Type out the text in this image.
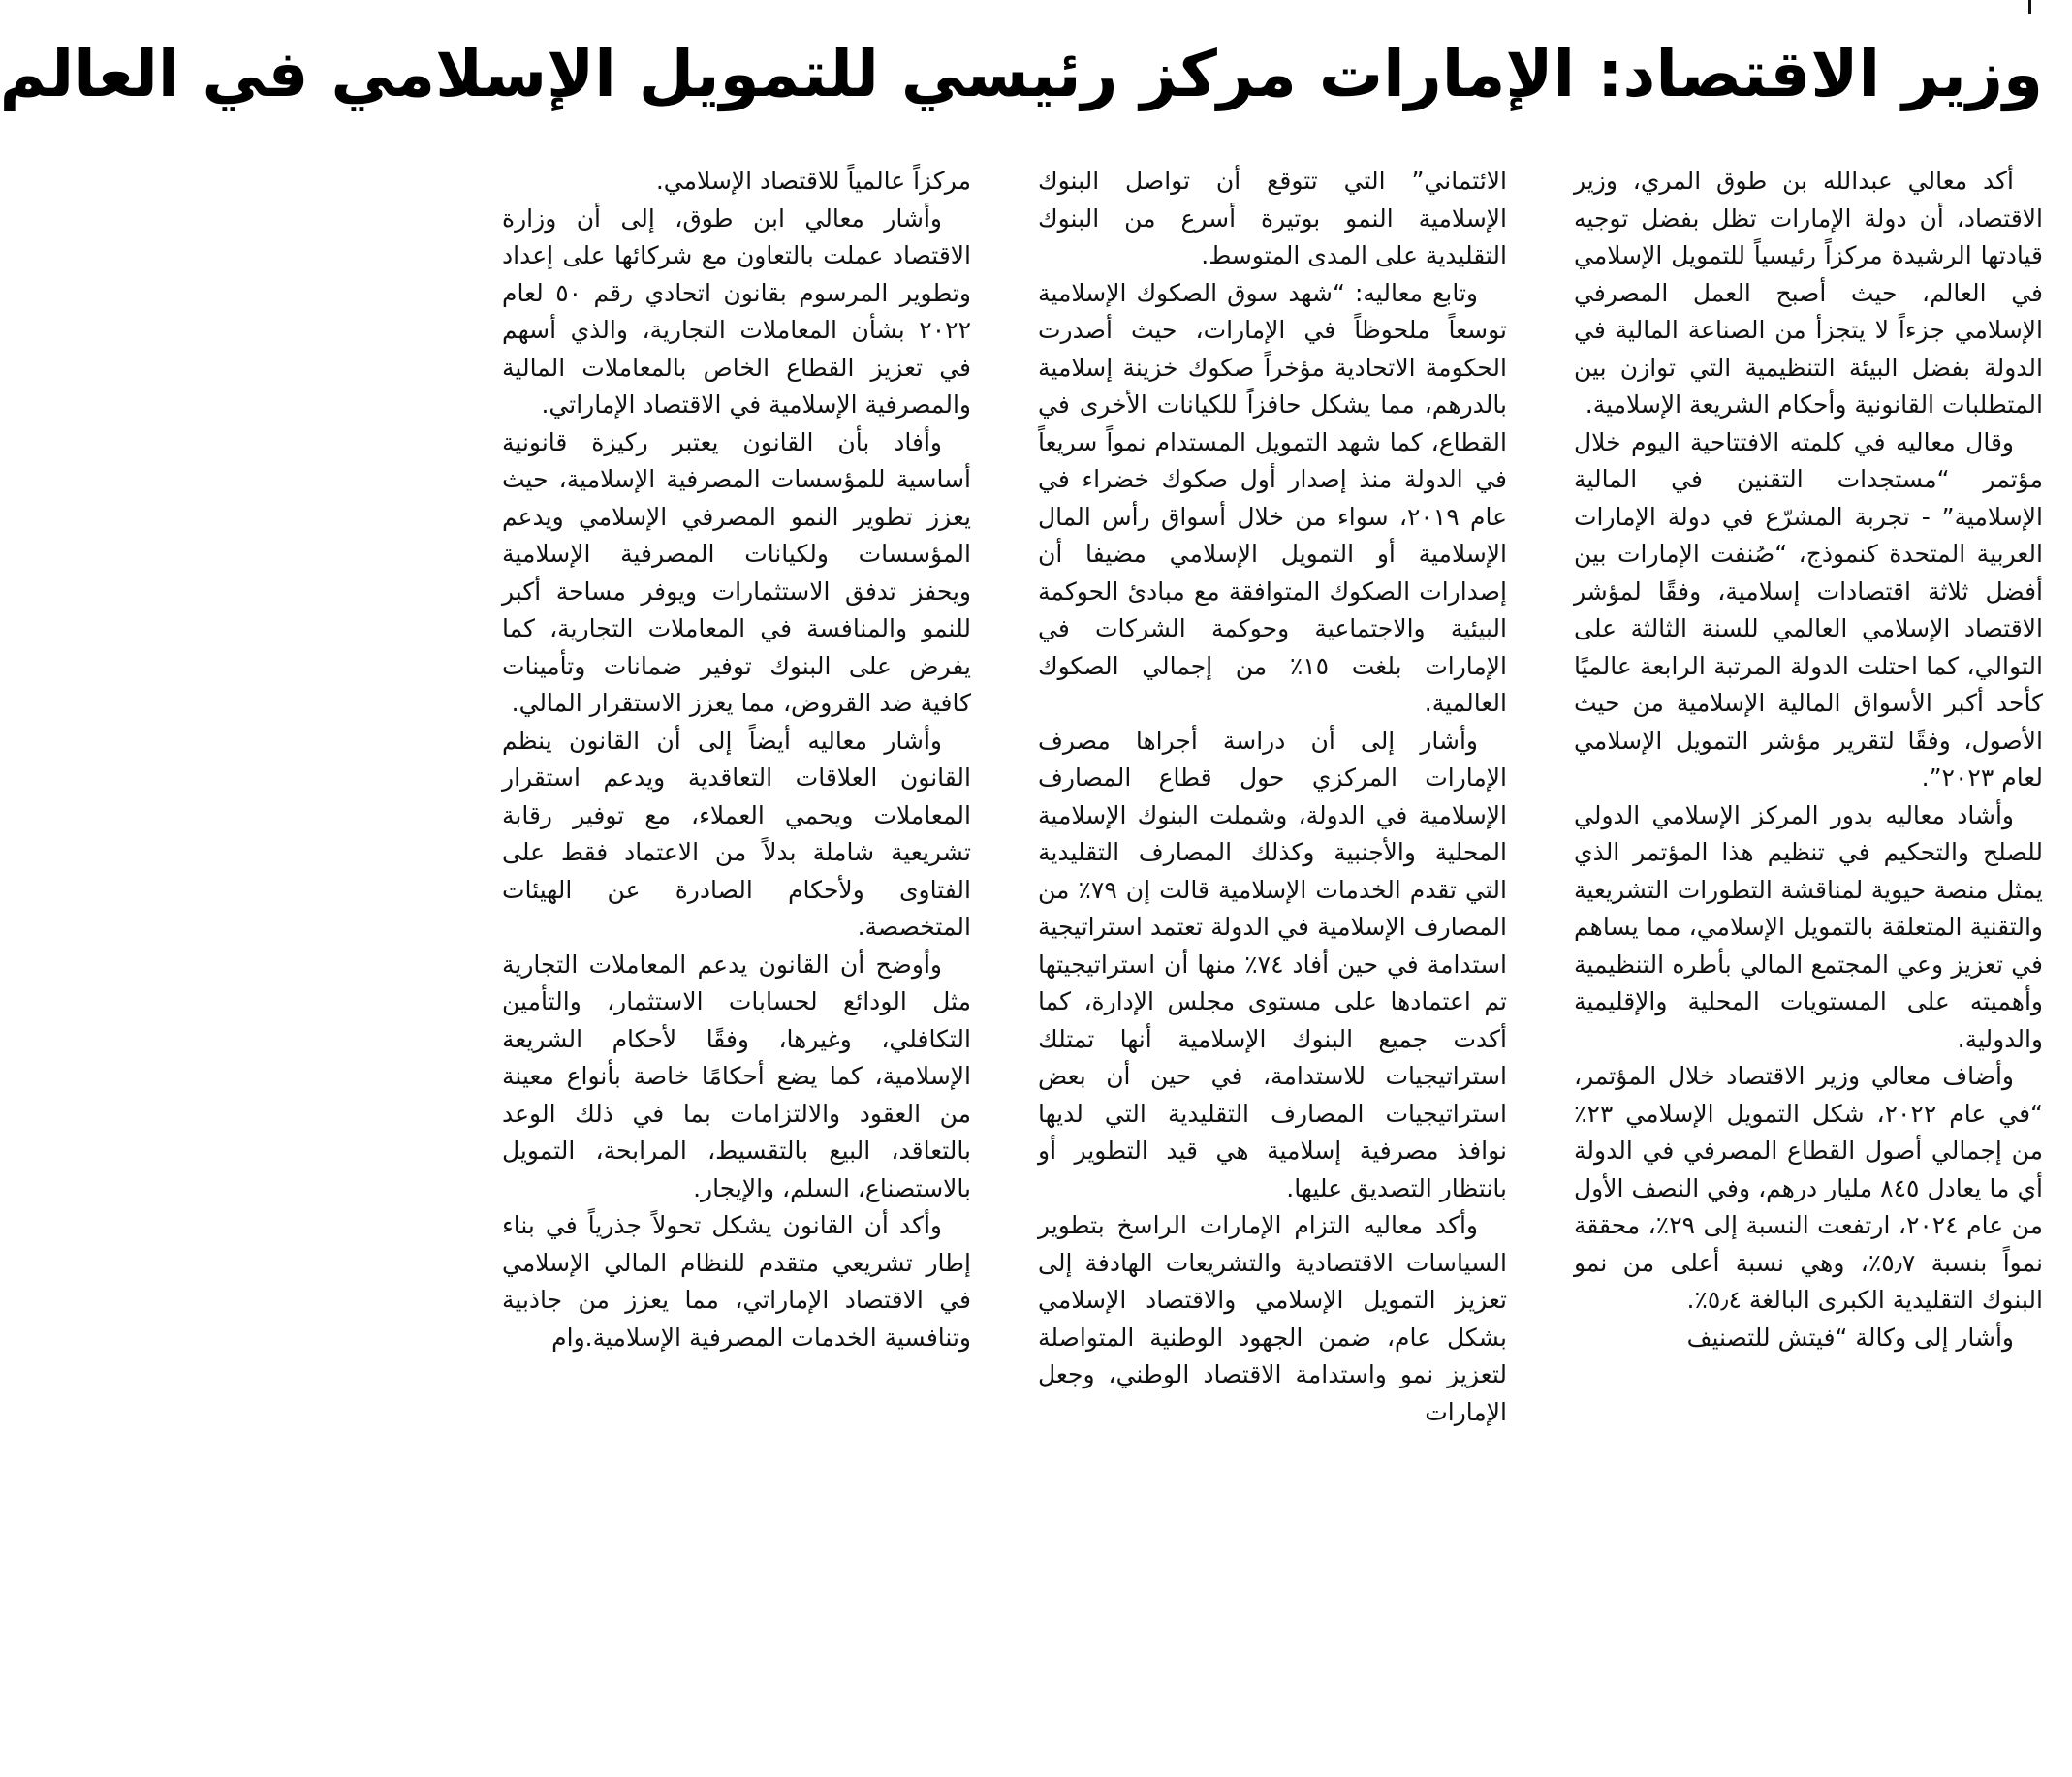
وزير الاقتصاد: الإمارات مركز رئيسي للتمويل الإسلامي في العالم

أكد معالي عبدالله بن طوق المري، وزير الاقتصاد، أن دولة الإمارات تظل بفضل توجيه قيادتها الرشيدة مركزاً رئيسياً للتمويل الإسلامي في العالم، حيث أصبح العمل المصرفي الإسلامي جزءاً لا يتجزأ من الصناعة المالية في الدولة بفضل البيئة التنظيمية التي توازن بين المتطلبات القانونية وأحكام الشريعة الإسلامية.

وقال معاليه في كلمته الافتتاحية اليوم خلال مؤتمر “مستجدات التقنين في المالية الإسلامية” - تجربة المشرّع في دولة الإمارات العربية المتحدة كنموذج، “صُنفت الإمارات بين أفضل ثلاثة اقتصادات إسلامية، وفقًا لمؤشر الاقتصاد الإسلامي العالمي للسنة الثالثة على التوالي، كما احتلت الدولة المرتبة الرابعة عالميًا كأحد أكبر الأسواق المالية الإسلامية من حيث الأصول، وفقًا لتقرير مؤشر التمويل الإسلامي لعام ٢٠٢٣”.

وأشاد معاليه بدور المركز الإسلامي الدولي للصلح والتحكيم في تنظيم هذا المؤتمر الذي يمثل منصة حيوية لمناقشة التطورات التشريعية والتقنية المتعلقة بالتمويل الإسلامي، مما يساهم في تعزيز وعي المجتمع المالي بأطره التنظيمية وأهميته على المستويات المحلية والإقليمية والدولية.

وأضاف معالي وزير الاقتصاد خلال المؤتمر، “في عام ٢٠٢٢، شكل التمويل الإسلامي ٢٣٪ من إجمالي أصول القطاع المصرفي في الدولة أي ما يعادل ٨٤٥ مليار درهم، وفي النصف الأول من عام ٢٠٢٤، ارتفعت النسبة إلى ٢٩٪، محققة نمواً بنسبة ٥٫٧٪، وهي نسبة أعلى من نمو البنوك التقليدية الكبرى البالغة ٥٫٤٪.

وأشار إلى وكالة “فيتش للتصنيف

الائتماني” التي تتوقع أن تواصل البنوك الإسلامية النمو بوتيرة أسرع من البنوك التقليدية على المدى المتوسط.

وتابع معاليه: “شهد سوق الصكوك الإسلامية توسعاً ملحوظاً في الإمارات، حيث أصدرت الحكومة الاتحادية مؤخراً صكوك خزينة إسلامية بالدرهم، مما يشكل حافزاً للكيانات الأخرى في القطاع، كما شهد التمويل المستدام نمواً سريعاً في الدولة منذ إصدار أول صكوك خضراء في عام ٢٠١٩، سواء من خلال أسواق رأس المال الإسلامية أو التمويل الإسلامي مضيفا أن إصدارات الصكوك المتوافقة مع مبادئ الحوكمة البيئية والاجتماعية وحوكمة الشركات في الإمارات بلغت ١٥٪ من إجمالي الصكوك العالمية.

وأشار إلى أن دراسة أجراها مصرف الإمارات المركزي حول قطاع المصارف الإسلامية في الدولة، وشملت البنوك الإسلامية المحلية والأجنبية وكذلك المصارف التقليدية التي تقدم الخدمات الإسلامية قالت إن ٧٩٪ من المصارف الإسلامية في الدولة تعتمد استراتيجية استدامة في حين أفاد ٧٤٪ منها أن استراتيجيتها تم اعتمادها على مستوى مجلس الإدارة، كما أكدت جميع البنوك الإسلامية أنها تمتلك استراتيجيات للاستدامة، في حين أن بعض استراتيجيات المصارف التقليدية التي لديها نوافذ مصرفية إسلامية هي قيد التطوير أو بانتظار التصديق عليها.

وأكد معاليه التزام الإمارات الراسخ بتطوير السياسات الاقتصادية والتشريعات الهادفة إلى تعزيز التمويل الإسلامي والاقتصاد الإسلامي بشكل عام، ضمن الجهود الوطنية المتواصلة لتعزيز نمو واستدامة الاقتصاد الوطني، وجعل الإمارات

مركزاً عالمياً للاقتصاد الإسلامي.

وأشار معالي ابن طوق، إلى أن وزارة الاقتصاد عملت بالتعاون مع شركائها على إعداد وتطوير المرسوم بقانون اتحادي رقم ٥٠ لعام ٢٠٢٢ بشأن المعاملات التجارية، والذي أسهم في تعزيز القطاع الخاص بالمعاملات المالية والمصرفية الإسلامية في الاقتصاد الإماراتي.

وأفاد بأن القانون يعتبر ركيزة قانونية أساسية للمؤسسات المصرفية الإسلامية، حيث يعزز تطوير النمو المصرفي الإسلامي ويدعم المؤسسات ولكيانات المصرفية الإسلامية ويحفز تدفق الاستثمارات ويوفر مساحة أكبر للنمو والمنافسة في المعاملات التجارية، كما يفرض على البنوك توفير ضمانات وتأمينات كافية ضد القروض، مما يعزز الاستقرار المالي.

وأشار معاليه أيضاً إلى أن القانون ينظم القانون العلاقات التعاقدية ويدعم استقرار المعاملات ويحمي العملاء، مع توفير رقابة تشريعية شاملة بدلاً من الاعتماد فقط على الفتاوى ولأحكام الصادرة عن الهيئات المتخصصة.

وأوضح أن القانون يدعم المعاملات التجارية مثل الودائع لحسابات الاستثمار، والتأمين التكافلي، وغيرها، وفقًا لأحكام الشريعة الإسلامية، كما يضع أحكامًا خاصة بأنواع معينة من العقود والالتزامات بما في ذلك الوعد بالتعاقد، البيع بالتقسيط، المرابحة، التمويل بالاستصناع، السلم، والإيجار.

وأكد أن القانون يشكل تحولاً جذرياً في بناء إطار تشريعي متقدم للنظام المالي الإسلامي في الاقتصاد الإماراتي، مما يعزز من جاذبية وتنافسية الخدمات المصرفية الإسلامية.وام
